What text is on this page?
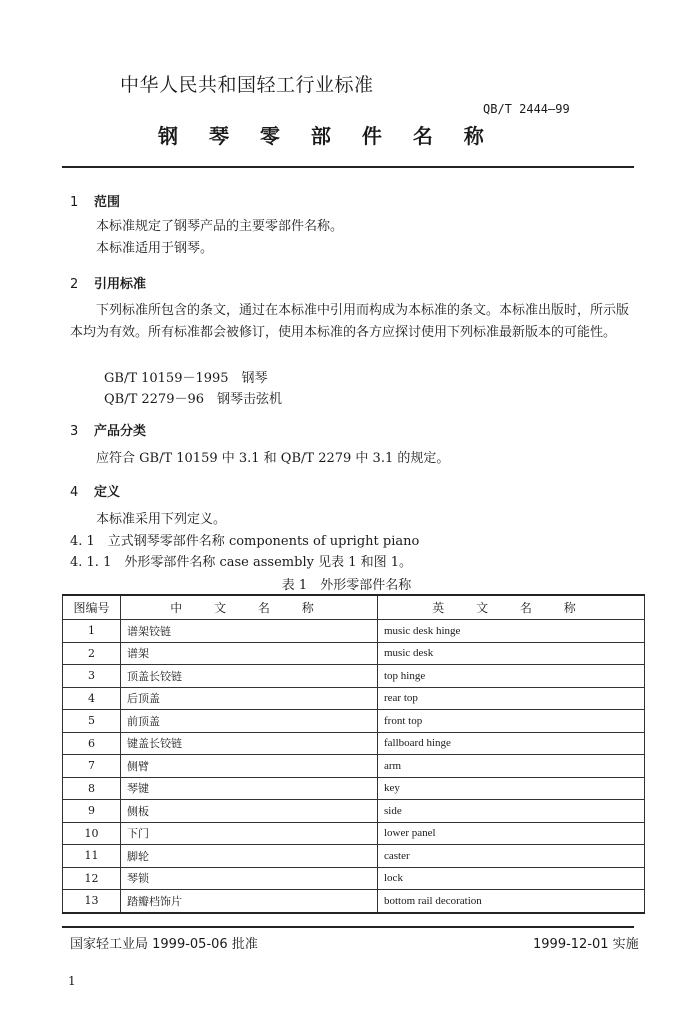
中华人民共和国轻工行业标准
QB/T 2444—99
钢 琴 零 部 件 名 称
1 范围
本标准规定了钢琴产品的主要零部件名称。
本标准适用于钢琴。
2 引用标准
下列标准所包含的条文，通过在本标准中引用而构成为本标准的条文。本标准出版时，所示版本均为有效。所有标准都会被修订，使用本标准的各方应探讨使用下列标准最新版本的可能性。
GB/T 10159－1995　钢琴
QB/T 2279－96　钢琴击弦机
3 产品分类
应符合 GB/T 10159 中 3.1 和 QB/T 2279 中 3.1 的规定。
4 定义
本标准采用下列定义。
4. 1　立式钢琴零部件名称 components of upright piano
4. 1. 1　外形零部件名称 case assembly 见表 1 和图 1。
表 1　外形零部件名称
图编号	中 文 名 称	英 文 名 称
1	谱架铰链	music desk hinge
2	谱架	music desk
3	顶盖长铰链	top hinge
4	后顶盖	rear top
5	前顶盖	front top
6	键盖长铰链	fallboard hinge
7	侧臂	arm
8	琴键	key
9	侧板	side
10	下门	lower panel
11	脚轮	caster
12	琴锁	lock
13	踏瓣档饰片	bottom rail decoration
国家轻工业局 1999-05-06 批准	1999-12-01 实施
1
